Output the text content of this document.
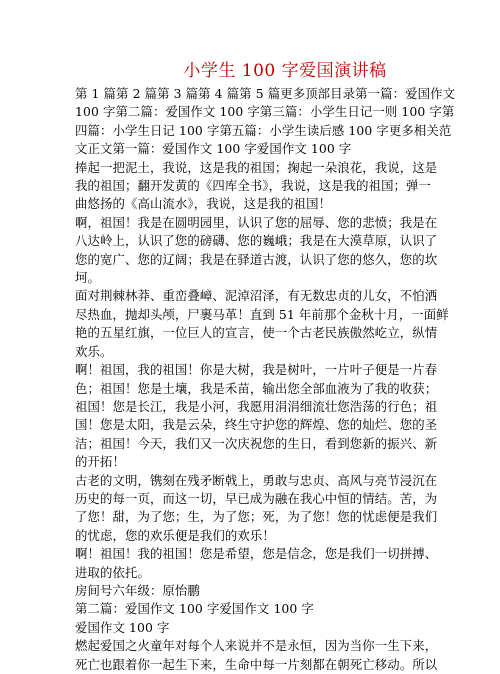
小学生 100 字爱国演讲稿
第 1 篇第 2 篇第 3 篇第 4 篇第 5 篇更多顶部目录第一篇：爱国作文
100 字第二篇：爱国作文 100 字第三篇：小学生日记一则 100 字第
四篇：小学生日记 100 字第五篇：小学生读后感 100 字更多相关范
文正文第一篇：爱国作文 100 字爱国作文 100 字
捧起一把泥土，我说，这是我的祖国；掬起一朵浪花，我说，这是
我的祖国；翻开发黄的《四库全书》，我说，这是我的祖国；弹一
曲悠扬的《高山流水》，我说，这是我的祖国！
啊，祖国！我是在圆明园里，认识了您的屈辱、您的悲愤；我是在
八达岭上，认识了您的磅礴、您的巍峨；我是在大漠草原，认识了
您的宽广、您的辽阔；我是在驿道古渡，认识了您的悠久，您的坎
坷。
面对荆棘林莽、重峦叠嶂、泥淖沼泽，有无数忠贞的儿女，不怕洒
尽热血，抛却头颅，尸裹马革！直到 51 年前那个金秋十月，一面鲜
艳的五星红旗，一位巨人的宣言，使一个古老民族傲然屹立，纵情
欢乐。
啊！祖国，我的祖国！你是大树，我是树叶，一片叶子便是一片春
色；祖国！您是土壤，我是禾苗，输出您全部血液为了我的收获；
祖国！您是长江，我是小河，我愿用涓涓细流壮您浩荡的行色；祖
国！您是太阳，我是云朵，终生守护您的辉煌、您的灿烂、您的圣
洁；祖国！今天，我们又一次庆祝您的生日，看到您新的振兴、新
的开拓！
古老的文明，镌刻在残矛断戟上，勇敢与忠贞、高风与亮节浸沉在
历史的每一页，而这一切，早已成为融在我心中恒的情结。苦，为
了您！甜，为了您；生，为了您；死，为了您！您的忧虑便是我们
的忧虑，您的欢乐便是我们的欢乐！
啊！祖国！我的祖国！您是希望，您是信念，您是我们一切拼搏、
进取的依托。
房间号六年级：原怡鹏
第二篇：爱国作文 100 字爱国作文 100 字
爱国作文 100 字
燃起爱国之火童年对每个人来说并不是永恒，因为当你一生下来，
死亡也跟着你一起生下来，生命中每一片刻都在朝死亡移动。所以
